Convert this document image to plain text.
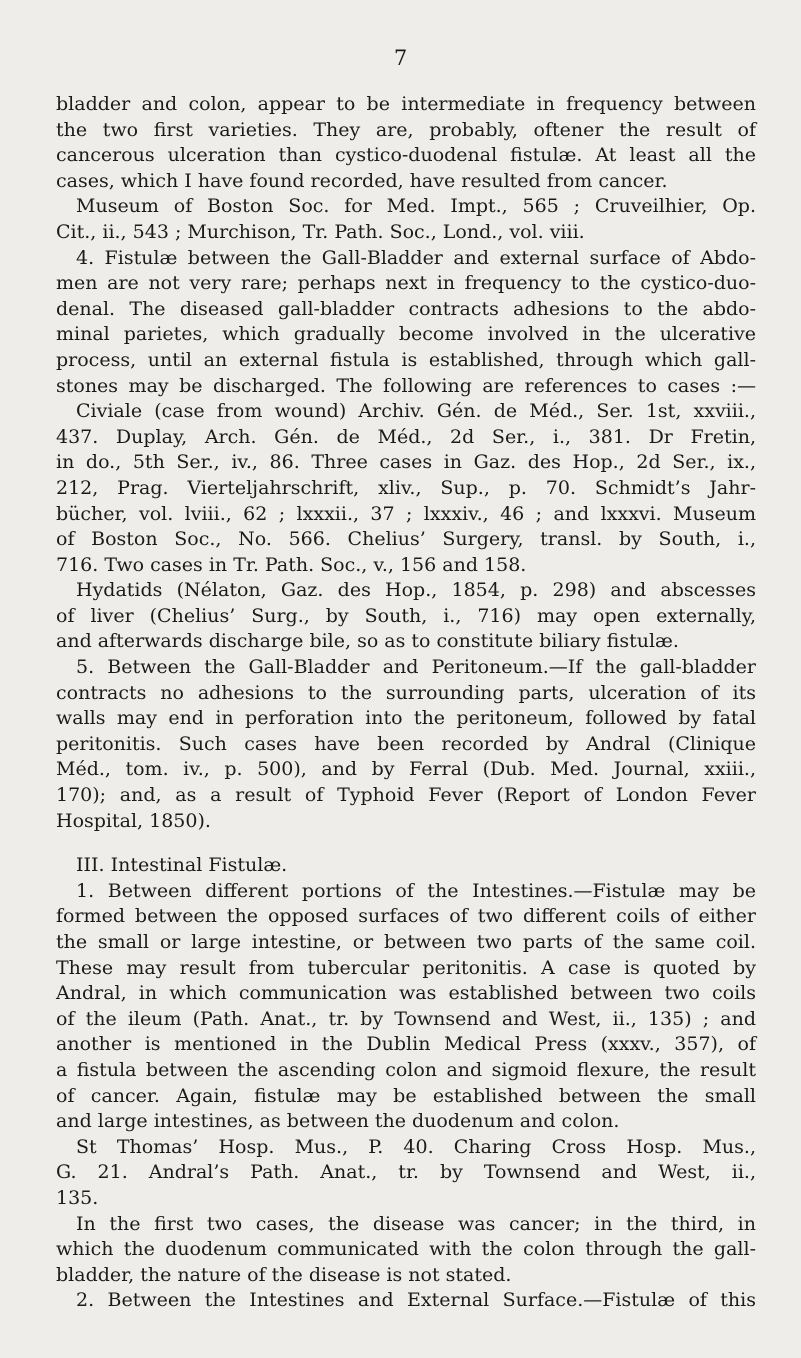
7
bladder and colon, appear to be intermediate in frequency between
the two first varieties. They are, probably, oftener the result of
cancerous ulceration than cystico-duodenal fistulæ. At least all the
cases, which I have found recorded, have resulted from cancer.
Museum of Boston Soc. for Med. Impt., 565 ; Cruveilhier, Op.
Cit., ii., 543 ; Murchison, Tr. Path. Soc., Lond., vol. viii.
4. Fistulæ between the Gall-Bladder and external surface of Abdo-
men are not very rare; perhaps next in frequency to the cystico-duo-
denal. The diseased gall-bladder contracts adhesions to the abdo-
minal parietes, which gradually become involved in the ulcerative
process, until an external fistula is established, through which gall-
stones may be discharged. The following are references to cases :—
Civiale (case from wound) Archiv. Gén. de Méd., Ser. 1st, xxviii.,
437. Duplay, Arch. Gén. de Méd., 2d Ser., i., 381. Dr Fretin,
in do., 5th Ser., iv., 86. Three cases in Gaz. des Hop., 2d Ser., ix.,
212, Prag. Vierteljahrschrift, xliv., Sup., p. 70. Schmidt’s Jahr-
bücher, vol. lviii., 62 ; lxxxii., 37 ; lxxxiv., 46 ; and lxxxvi. Museum
of Boston Soc., No. 566. Chelius’ Surgery, transl. by South, i.,
716. Two cases in Tr. Path. Soc., v., 156 and 158.
Hydatids (Nélaton, Gaz. des Hop., 1854, p. 298) and abscesses
of liver (Chelius’ Surg., by South, i., 716) may open externally,
and afterwards discharge bile, so as to constitute biliary fistulæ.
5. Between the Gall-Bladder and Peritoneum.—If the gall-bladder
contracts no adhesions to the surrounding parts, ulceration of its
walls may end in perforation into the peritoneum, followed by fatal
peritonitis. Such cases have been recorded by Andral (Clinique
Méd., tom. iv., p. 500), and by Ferral (Dub. Med. Journal, xxiii.,
170); and, as a result of Typhoid Fever (Report of London Fever
Hospital, 1850).
III. Intestinal Fistulæ.
1. Between different portions of the Intestines.—Fistulæ may be
formed between the opposed surfaces of two different coils of either
the small or large intestine, or between two parts of the same coil.
These may result from tubercular peritonitis. A case is quoted by
Andral, in which communication was established between two coils
of the ileum (Path. Anat., tr. by Townsend and West, ii., 135) ; and
another is mentioned in the Dublin Medical Press (xxxv., 357), of
a fistula between the ascending colon and sigmoid flexure, the result
of cancer. Again, fistulæ may be established between the small
and large intestines, as between the duodenum and colon.
St Thomas’ Hosp. Mus., P. 40. Charing Cross Hosp. Mus.,
G. 21. Andral’s Path. Anat., tr. by Townsend and West, ii.,
135.
In the first two cases, the disease was cancer; in the third, in
which the duodenum communicated with the colon through the gall-
bladder, the nature of the disease is not stated.
2. Between the Intestines and External Surface.—Fistulæ of this
